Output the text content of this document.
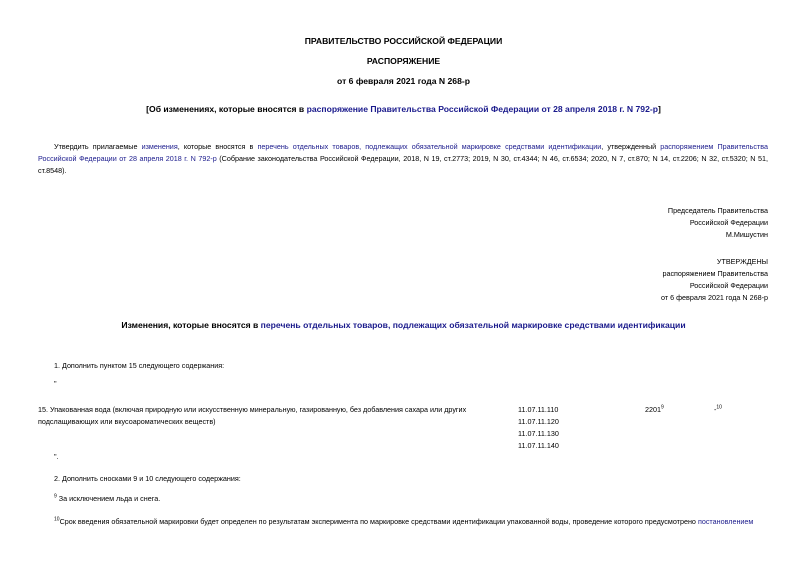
ПРАВИТЕЛЬСТВО РОССИЙСКОЙ ФЕДЕРАЦИИ
РАСПОРЯЖЕНИЕ
от 6 февраля 2021 года N 268-р
[Об изменениях, которые вносятся в распоряжение Правительства Российской Федерации от 28 апреля 2018 г. N 792-р]
Утвердить прилагаемые изменения, которые вносятся в перечень отдельных товаров, подлежащих обязательной маркировке средствами идентификации, утвержденный распоряжением Правительства Российской Федерации от 28 апреля 2018 г. N 792-р (Собрание законодательства Российской Федерации, 2018, N 19, ст.2773; 2019, N 30, ст.4344; N 46, ст.6534; 2020, N 7, ст.870; N 14, ст.2206; N 32, ст.5320; N 51, ст.8548).
Председатель Правительства
Российской Федерации
М.Мишустин
УТВЕРЖДЕНЫ
распоряжением Правительства
Российской Федерации
от 6 февраля 2021 года N 268-р
Изменения, которые вносятся в перечень отдельных товаров, подлежащих обязательной маркировке средствами идентификации
1. Дополнить пунктом 15 следующего содержания:
"
15. Упакованная вода (включая природную или искусственную минеральную, газированную, без добавления сахара или других подслащивающих или вкусоароматических веществ)
11.07.11.110
11.07.11.120
11.07.11.130
11.07.11.140
2201$^9$	-$^{10}$
".
2. Дополнить сносками 9 и 10 следующего содержания:
$^9$ За исключением льда и снега.
$^{10}$Срок введения обязательной маркировки будет определен по результатам эксперимента по маркировке средствами идентификации упакованной воды, проведение которого предусмотрено постановлением
